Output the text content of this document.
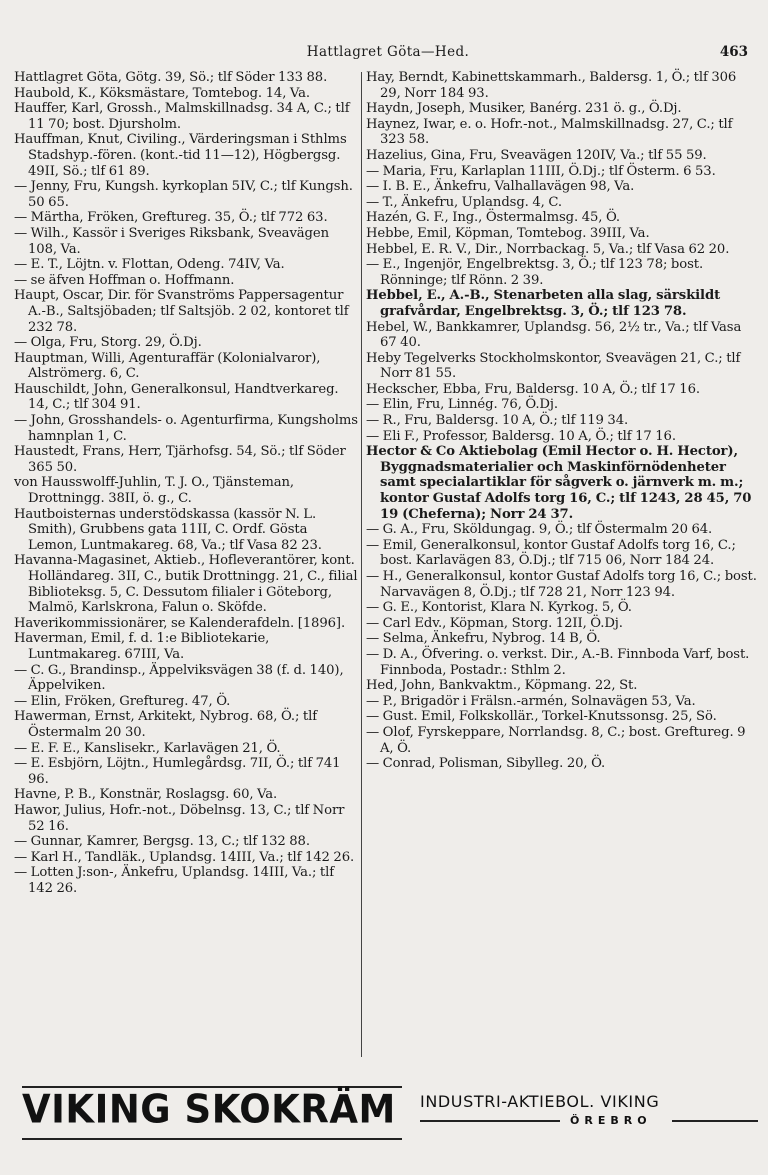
Hattlagret Göta—Hed.	463

Hattlagret Göta, Götg. 39, Sö.; tlf Söder 133 88.

Haubold, K., Köksmästare, Tomtebog. 14, Va.

Hauffer, Karl, Grossh., Malmskillnadsg. 34 A, C.; tlf 11 70; bost. Djursholm.

Hauffman, Knut, Civiling., Värderingsman i Sthlms Stadshyp.-fören. (kont.-tid 11—12), Högbergsg. 49II, Sö.; tlf 61 89.

— Jenny, Fru, Kungsh. kyrkoplan 5IV, C.; tlf Kungsh. 50 65.

— Märtha, Fröken, Greftureg. 35, Ö.; tlf 772 63.

— Wilh., Kassör i Sveriges Riksbank, Sveavägen 108, Va.

— E. T., Löjtn. v. Flottan, Odeng. 74IV, Va.

— se äfven Hoffman o. Hoffmann.

Haupt, Oscar, Dir. för Svanströms Pappersagentur A.-B., Saltsjöbaden; tlf Saltsjöb. 2 02, kontoret tlf 232 78.

— Olga, Fru, Storg. 29, Ö.Dj.

Hauptman, Willi, Agenturaffär (Kolonialvaror), Alströmerg. 6, C.

Hauschildt, John, Generalkonsul, Handtverkareg. 14, C.; tlf 304 91.

— John, Grosshandels- o. Agenturfirma, Kungsholms hamnplan 1, C.

Haustedt, Frans, Herr, Tjärhofsg. 54, Sö.; tlf Söder 365 50.

von Hausswolff-Juhlin, T. J. O., Tjänsteman, Drottningg. 38II, ö. g., C.

Hautboisternas understödskassa (kassör N. L. Smith), Grubbens gata 11II, C. Ordf. Gösta Lemon, Luntmakareg. 68, Va.; tlf Vasa 82 23.

Havanna-Magasinet, Aktieb., Hofleverantörer, kont. Holländareg. 3II, C., butik Drottningg. 21, C., filial Biblioteksg. 5, C. Dessutom filialer i Göteborg, Malmö, Karlskrona, Falun o. Sköfde.

Haverikommissionärer, se Kalenderafdeln. [1896].

Haverman, Emil, f. d. 1:e Bibliotekarie, Luntmakareg. 67III, Va.

— C. G., Brandinsp., Äppelviksvägen 38 (f. d. 140), Äppelviken.

— Elin, Fröken, Greftureg. 47, Ö.

Hawerman, Ernst, Arkitekt, Nybrog. 68, Ö.; tlf Östermalm 20 30.

— E. F. E., Kanslisekr., Karlavägen 21, Ö.

— E. Esbjörn, Löjtn., Humlegårdsg. 7II, Ö.; tlf 741 96.

Havne, P. B., Konstnär, Roslagsg. 60, Va.

Hawor, Julius, Hofr.-not., Döbelnsg. 13, C.; tlf Norr 52 16.

— Gunnar, Kamrer, Bergsg. 13, C.; tlf 132 88.

— Karl H., Tandläk., Uplandsg. 14III, Va.; tlf 142 26.

— Lotten J:son-, Änkefru, Uplandsg. 14III, Va.; tlf 142 26.

Hay, Berndt, Kabinettskammarh., Baldersg. 1, Ö.; tlf 306 29, Norr 184 93.

Haydn, Joseph, Musiker, Banérg. 231 ö. g., Ö.Dj.

Haynez, Iwar, e. o. Hofr.-not., Malmskillnadsg. 27, C.; tlf 323 58.

Hazelius, Gina, Fru, Sveavägen 120IV, Va.; tlf 55 59.

— Maria, Fru, Karlaplan 11III, Ö.Dj.; tlf Österm. 6 53.

— I. B. E., Änkefru, Valhallavägen 98, Va.

— T., Änkefru, Uplandsg. 4, C.

Hazén, G. F., Ing., Östermalmsg. 45, Ö.

Hebbe, Emil, Köpman, Tomtebog. 39III, Va.

Hebbel, E. R. V., Dir., Norrbackag. 5, Va.; tlf Vasa 62 20.

— E., Ingenjör, Engelbrektsg. 3, Ö.; tlf 123 78; bost. Rönninge; tlf Rönn. 2 39.

Hebbel, E., A.-B., Stenarbeten alla slag, särskildt grafvårdar, Engelbrektsg. 3, Ö.; tlf 123 78.

Hebel, W., Bankkamrer, Uplandsg. 56, 2½ tr., Va.; tlf Vasa 67 40.

Heby Tegelverks Stockholmskontor, Sveavägen 21, C.; tlf Norr 81 55.

Heckscher, Ebba, Fru, Baldersg. 10 A, Ö.; tlf 17 16.

— Elin, Fru, Linnég. 76, Ö.Dj.

— R., Fru, Baldersg. 10 A, Ö.; tlf 119 34.

— Eli F., Professor, Baldersg. 10 A, Ö.; tlf 17 16.

Hector & Co Aktiebolag (Emil Hector o. H. Hector), Byggnadsmaterialier och Maskinförnödenheter samt specialartiklar för sågverk o. järnverk m. m.; kontor Gustaf Adolfs torg 16, C.; tlf 1243, 28 45, 70 19 (Cheferna); Norr 24 37.

— G. A., Fru, Sköldungag. 9, Ö.; tlf Östermalm 20 64.

— Emil, Generalkonsul, kontor Gustaf Adolfs torg 16, C.; bost. Karlavägen 83, Ö.Dj.; tlf 715 06, Norr 184 24.

— H., Generalkonsul, kontor Gustaf Adolfs torg 16, C.; bost. Narvavägen 8, Ö.Dj.; tlf 728 21, Norr 123 94.

— G. E., Kontorist, Klara N. Kyrkog. 5, Ö.

— Carl Edv., Köpman, Storg. 12II, Ö.Dj.

— Selma, Änkefru, Nybrog. 14 B, Ö.

— D. A., Öfvering. o. verkst. Dir., A.-B. Finnboda Varf, bost. Finnboda, Postadr.: Sthlm 2.

Hed, John, Bankvaktm., Köpmang. 22, St.

— P., Brigadör i Frälsn.-armén, Solnavägen 53, Va.

— Gust. Emil, Folkskollär., Torkel-Knutssonsg. 25, Sö.

— Olof, Fyrskeppare, Norrlandsg. 8, C.; bost. Greftureg. 9 A, Ö.

— Conrad, Polisman, Sibylleg. 20, Ö.

VIKING SKOKRÄM INDUSTRI-AKTIEBOL. VIKING
ÖREBRO
